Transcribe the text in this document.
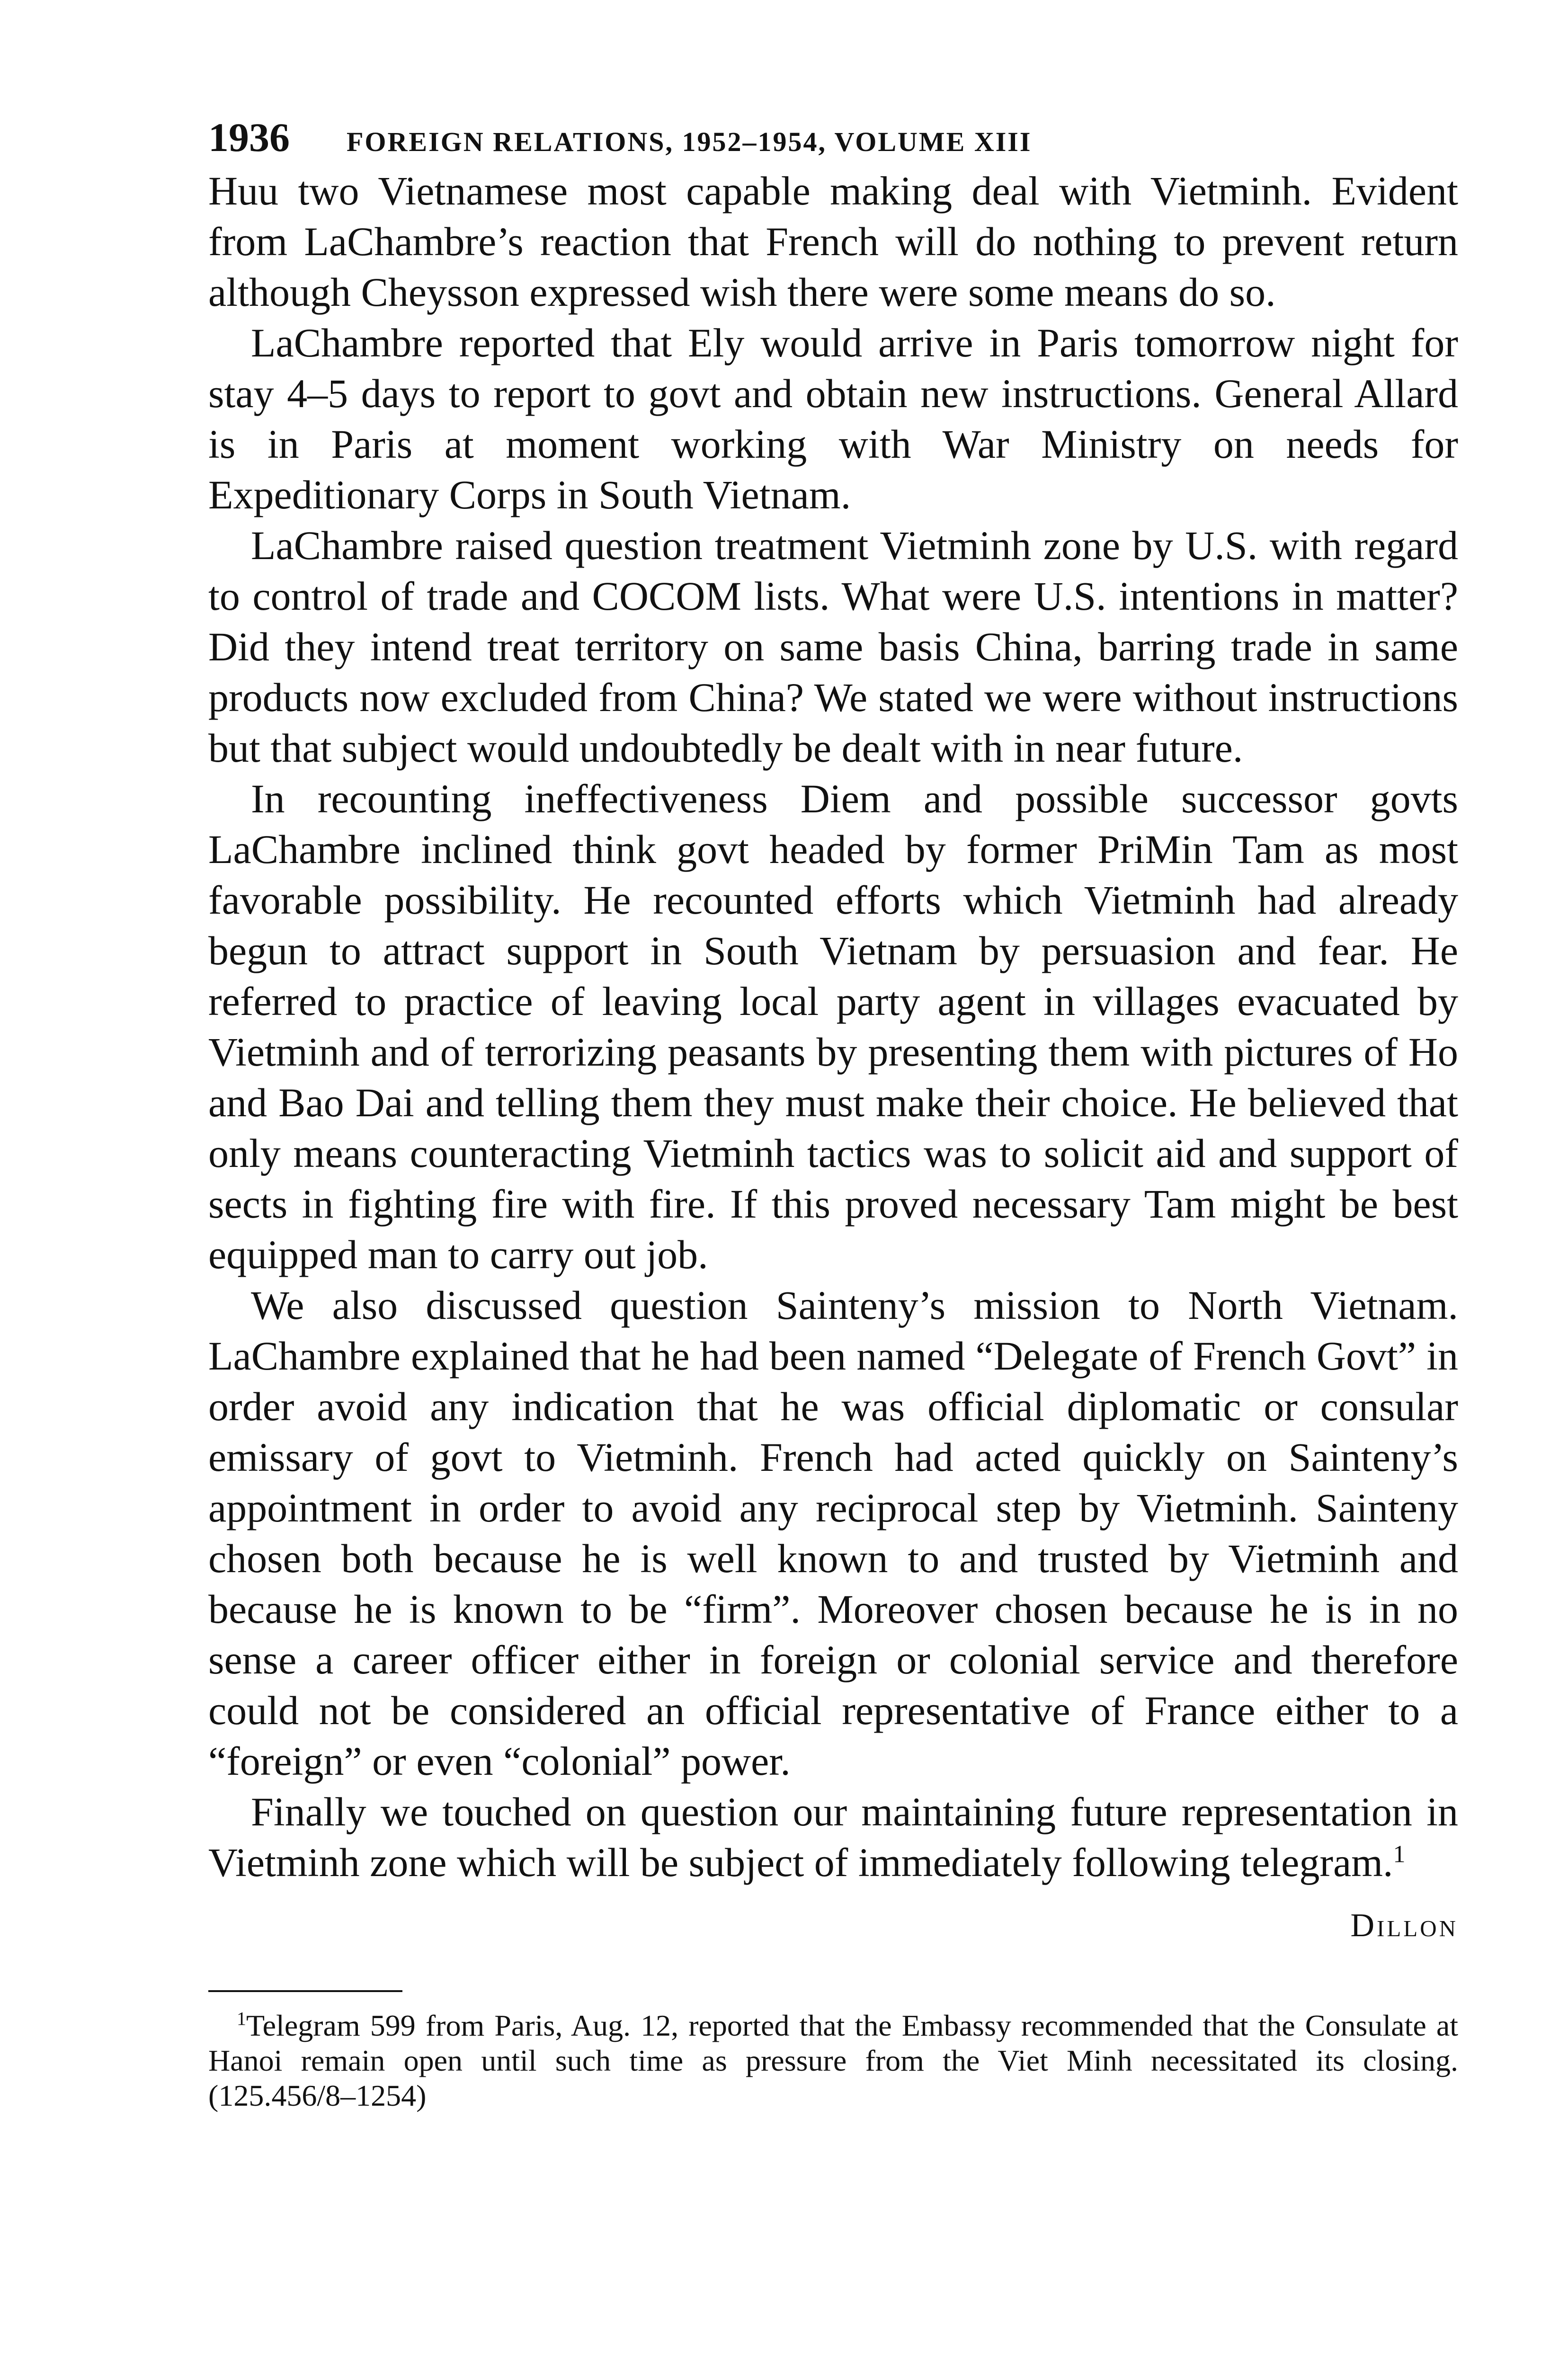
1936 FOREIGN RELATIONS, 1952–1954, VOLUME XIII

Huu two Vietnamese most capable making deal with Vietminh. Evident from LaChambre’s reaction that French will do nothing to prevent return although Cheysson expressed wish there were some means do so.

LaChambre reported that Ely would arrive in Paris tomorrow night for stay 4–5 days to report to govt and obtain new instructions. General Allard is in Paris at moment working with War Ministry on needs for Expeditionary Corps in South Vietnam.

LaChambre raised question treatment Vietminh zone by U.S. with regard to control of trade and COCOM lists. What were U.S. intentions in matter? Did they intend treat territory on same basis China, barring trade in same products now excluded from China? We stated we were without instructions but that subject would undoubtedly be dealt with in near future.

In recounting ineffectiveness Diem and possible successor govts LaChambre inclined think govt headed by former PriMin Tam as most favorable possibility. He recounted efforts which Vietminh had already begun to attract support in South Vietnam by persuasion and fear. He referred to practice of leaving local party agent in villages evacuated by Vietminh and of terrorizing peasants by presenting them with pictures of Ho and Bao Dai and telling them they must make their choice. He believed that only means counteracting Vietminh tactics was to solicit aid and support of sects in fighting fire with fire. If this proved necessary Tam might be best equipped man to carry out job.

We also discussed question Sainteny’s mission to North Vietnam. LaChambre explained that he had been named “Delegate of French Govt” in order avoid any indication that he was official diplomatic or consular emissary of govt to Vietminh. French had acted quickly on Sainteny’s appointment in order to avoid any reciprocal step by Vietminh. Sainteny chosen both because he is well known to and trusted by Vietminh and because he is known to be “firm”. Moreover chosen because he is in no sense a career officer either in foreign or colonial service and therefore could not be considered an official representative of France either to a “foreign” or even “colonial” power.

Finally we touched on question our maintaining future representation in Vietminh zone which will be subject of immediately following telegram.$^1$

Dillon

$^1$Telegram 599 from Paris, Aug. 12, reported that the Embassy recommended that the Consulate at Hanoi remain open until such time as pressure from the Viet Minh necessitated its closing. (125.456/8–1254)
